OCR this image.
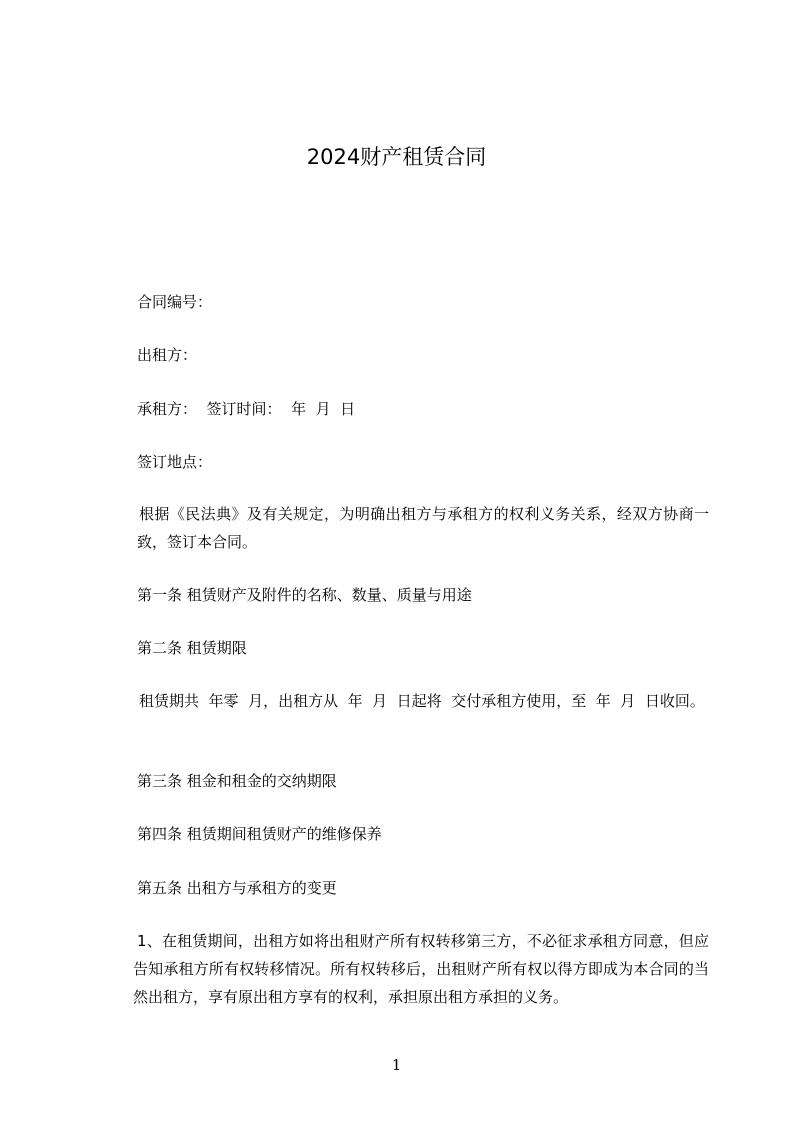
2024财产租赁合同
合同编号：
出租方：
承租方：  签订时间：  年  月  日
签订地点：
根据《民法典》及有关规定，为明确出租方与承租方的权利义务关系，经双方协商一致，签订本合同。
第一条 租赁财产及附件的名称、数量、质量与用途
第二条 租赁期限
租赁期共  年零  月，出租方从  年  月  日起将  交付承租方使用，至  年  月  日收回。
第三条 租金和租金的交纳期限
第四条 租赁期间租赁财产的维修保养
第五条 出租方与承租方的变更
1、在租赁期间，出租方如将出租财产所有权转移第三方，不必征求承租方同意，但应告知承租方所有权转移情况。所有权转移后，出租财产所有权以得方即成为本合同的当然出租方，享有原出租方享有的权利，承担原出租方承担的义务。
1
